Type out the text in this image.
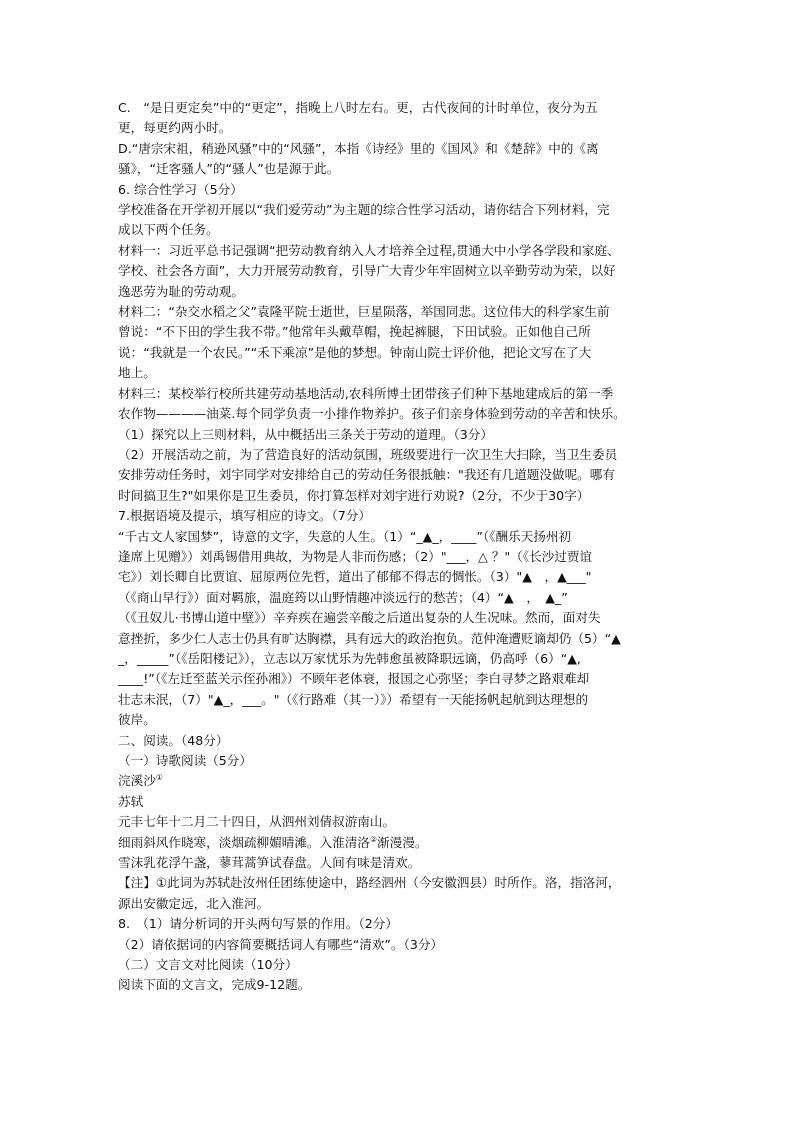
C.　“是日更定矣”中的“更定”，指晚上八时左右。更，古代夜间的计时单位，夜分为五
更，每更约两小时。
D.“唐宗宋祖，稍逊风骚”中的“风骚”，本指《诗经》里的《国风》和《楚辞》中的《离
骚》，“迁客骚人”的“骚人”也是源于此。
6. 综合性学习（5分）
学校准备在开学初开展以“我们爱劳动”为主题的综合性学习活动，请你结合下列材料，完
成以下两个任务。
材料一：习近平总书记强调“把劳动教育纳入人才培养全过程,贯通大中小学各学段和家庭、
学校、社会各方面”，大力开展劳动教育，引导广大青少年牢固树立以辛勤劳动为荣，以好
逸恶劳为耻的劳动观。
材料二：“杂交水稻之父”袁隆平院士逝世，巨星陨落，举国同悲。这位伟大的科学家生前
曾说：“不下田的学生我不带。”他常年头戴草帽，挽起裤腿，下田试验。正如他自己所
说：“我就是一个农民。”“禾下乘凉”是他的梦想。钟南山院士评价他，把论文写在了大
地上。
材料三：某校举行校所共建劳动基地活动,农科所博士团带孩子们种下基地建成后的第一季
农作物————油菜.每个同学负责一小排作物养护。孩子们亲身体验到劳动的辛苦和快乐。
（1）探究以上三则材料，从中概括出三条关于劳动的道理。（3分）
（2）开展活动之前，为了营造良好的活动氛围，班级要进行一次卫生大扫除，当卫生委员
安排劳动任务时，刘宇同学对安排给自己的劳动任务很抵触："我还有几道题没做呢。哪有
时间搞卫生?"如果你是卫生委员，你打算怎样对刘宇进行劝说?（2分，不少于30字）
7.根据语境及提示，填写相应的诗文。（7分）
“千古文人家国梦”，诗意的文字，失意的人生。（1）“_▲_，____”（《酬乐天扬州初
逢席上见赠》）刘禹锡借用典故，为物是人非而伤感；（2）"___，△ ？"（《长沙过贾谊
宅》）刘长卿自比贾谊、屈原两位先哲，道出了郁郁不得志的惆怅。（3）"▲　，▲___"
（《商山早行》）面对羁旅，温庭筠以山野情趣冲淡远行的愁苦；（4）“▲　，　▲_”
（《丑奴儿·书博山道中壁》）辛弃疾在遍尝辛酸之后道出复杂的人生况味。然而，面对失
意挫折，多少仁人志士仍具有旷达胸襟，具有远大的政治抱负。范仲淹遭贬谪却仍（5）“▲
_，_____”（《岳阳楼记》），立志以万家忧乐为先韩愈虽被降职远谪，仍高呼（6）“▲,
____!”（《左迁至蓝关示侄孙湘》）不顾年老体衰，报国之心弥坚；李白寻梦之路艰难却
壮志未泯，（7）"▲_，___。"（《行路难（其一）》）希望有一天能扬帆起航到达理想的
彼岸。
二、阅读。（48分）
（一）诗歌阅读（5分）
浣溪沙①
苏轼
元丰七年十二月二十四日，从泗州刘倩叔游南山。
细雨斜风作晓寒，淡烟疏柳媚晴滩。入淮清洛②渐漫漫。
雪沫乳花浮午盏，蓼茸蒿笋试春盘。人间有味是清欢。
【注】①此词为苏轼赴汝州任团练使途中，路经泗州（今安徽泗县）时所作。洛，指洛河，
源出安徽定远，北入淮河。
8.　（1）请分析词的开头两句写景的作用。（2分）
（2）请依据词的内容简要概括词人有哪些“清欢”。（3分）
（二）文言文对比阅读（10分）
阅读下面的文言文，完成9-12题。
